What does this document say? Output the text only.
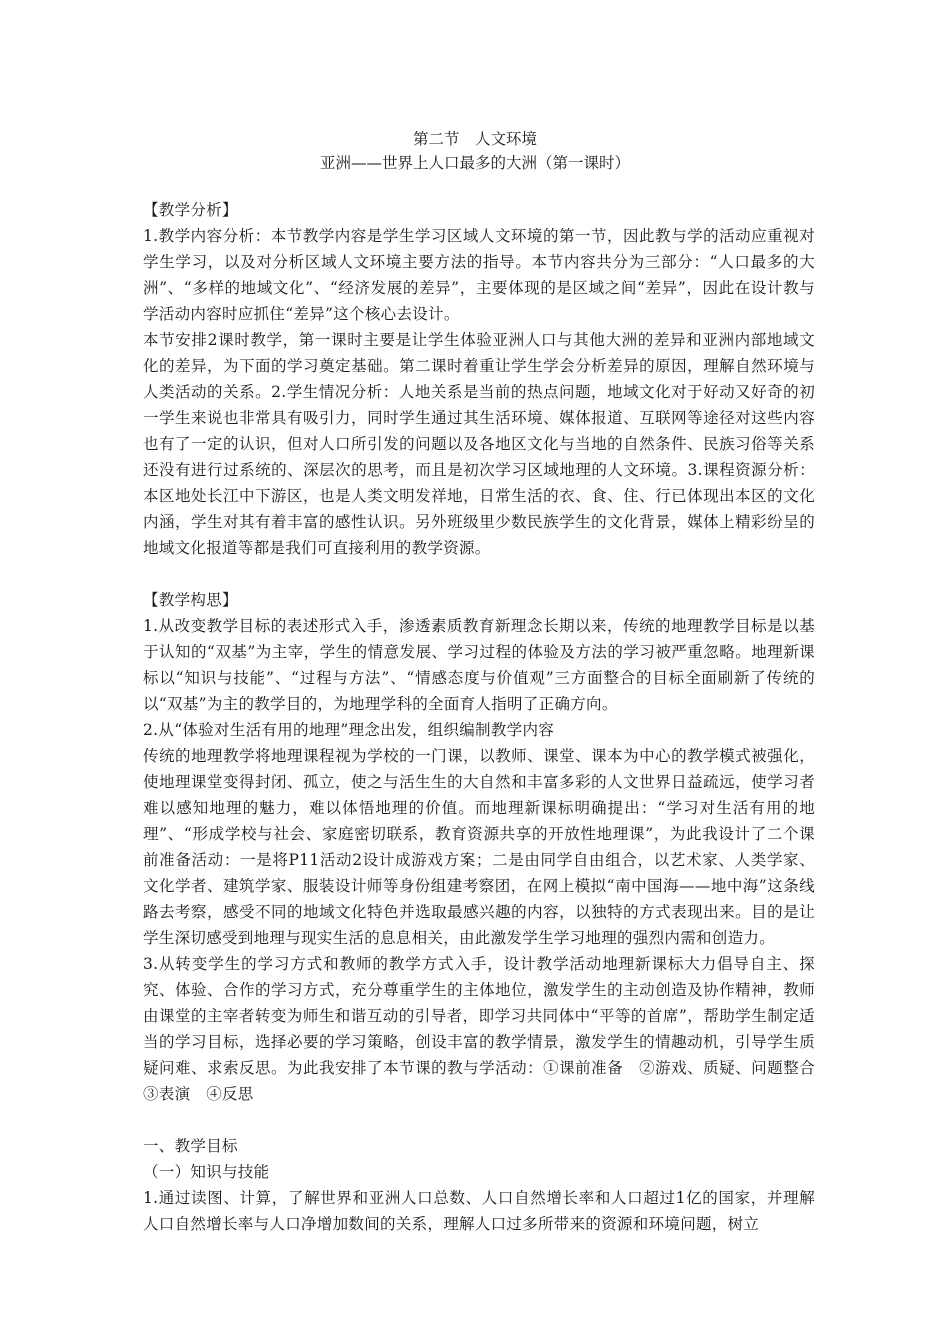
第二节　人文环境
亚洲——世界上人口最多的大洲（第一课时）

【教学分析】

1.教学内容分析：本节教学内容是学生学习区域人文环境的第一节，因此教与学的活动应重视对学生学习，以及对分析区域人文环境主要方法的指导。本节内容共分为三部分：“人口最多的大洲”、“多样的地域文化”、“经济发展的差异”，主要体现的是区域之间“差异”，因此在设计教与学活动内容时应抓住“差异”这个核心去设计。

本节安排2课时教学，第一课时主要是让学生体验亚洲人口与其他大洲的差异和亚洲内部地域文化的差异，为下面的学习奠定基础。第二课时着重让学生学会分析差异的原因，理解自然环境与人类活动的关系。2.学生情况分析：人地关系是当前的热点问题，地域文化对于好动又好奇的初一学生来说也非常具有吸引力，同时学生通过其生活环境、媒体报道、互联网等途径对这些内容也有了一定的认识，但对人口所引发的问题以及各地区文化与当地的自然条件、民族习俗等关系还没有进行过系统的、深层次的思考，而且是初次学习区域地理的人文环境。3.课程资源分析：本区地处长江中下游区，也是人类文明发祥地，日常生活的衣、食、住、行已体现出本区的文化内涵，学生对其有着丰富的感性认识。另外班级里少数民族学生的文化背景，媒体上精彩纷呈的地域文化报道等都是我们可直接利用的教学资源。

【教学构思】

1.从改变教学目标的表述形式入手，渗透素质教育新理念长期以来，传统的地理教学目标是以基于认知的“双基”为主宰，学生的情意发展、学习过程的体验及方法的学习被严重忽略。地理新课标以“知识与技能”、“过程与方法”、“情感态度与价值观”三方面整合的目标全面刷新了传统的以“双基”为主的教学目的，为地理学科的全面育人指明了正确方向。

2.从“体验对生活有用的地理”理念出发，组织编制教学内容

传统的地理教学将地理课程视为学校的一门课，以教师、课堂、课本为中心的教学模式被强化，使地理课堂变得封闭、孤立，使之与活生生的大自然和丰富多彩的人文世界日益疏远，使学习者难以感知地理的魅力，难以体悟地理的价值。而地理新课标明确提出：“学习对生活有用的地理”、“形成学校与社会、家庭密切联系，教育资源共享的开放性地理课”，为此我设计了二个课前准备活动：一是将P11活动2设计成游戏方案；二是由同学自由组合，以艺术家、人类学家、文化学者、建筑学家、服装设计师等身份组建考察团，在网上模拟“南中国海——地中海”这条线路去考察，感受不同的地域文化特色并选取最感兴趣的内容，以独特的方式表现出来。目的是让学生深切感受到地理与现实生活的息息相关，由此激发学生学习地理的强烈内需和创造力。

3.从转变学生的学习方式和教师的教学方式入手，设计教学活动地理新课标大力倡导自主、探究、体验、合作的学习方式，充分尊重学生的主体地位，激发学生的主动创造及协作精神，教师由课堂的主宰者转变为师生和谐互动的引导者，即学习共同体中“平等的首席”，帮助学生制定适当的学习目标，选择必要的学习策略，创设丰富的教学情景，激发学生的情趣动机，引导学生质疑问难、求索反思。为此我安排了本节课的教与学活动：①课前准备　②游戏、质疑、问题整合　③表演　④反思

一、教学目标

（一）知识与技能

1.通过读图、计算，了解世界和亚洲人口总数、人口自然增长率和人口超过1亿的国家，并理解人口自然增长率与人口净增加数间的关系，理解人口过多所带来的资源和环境问题，树立
